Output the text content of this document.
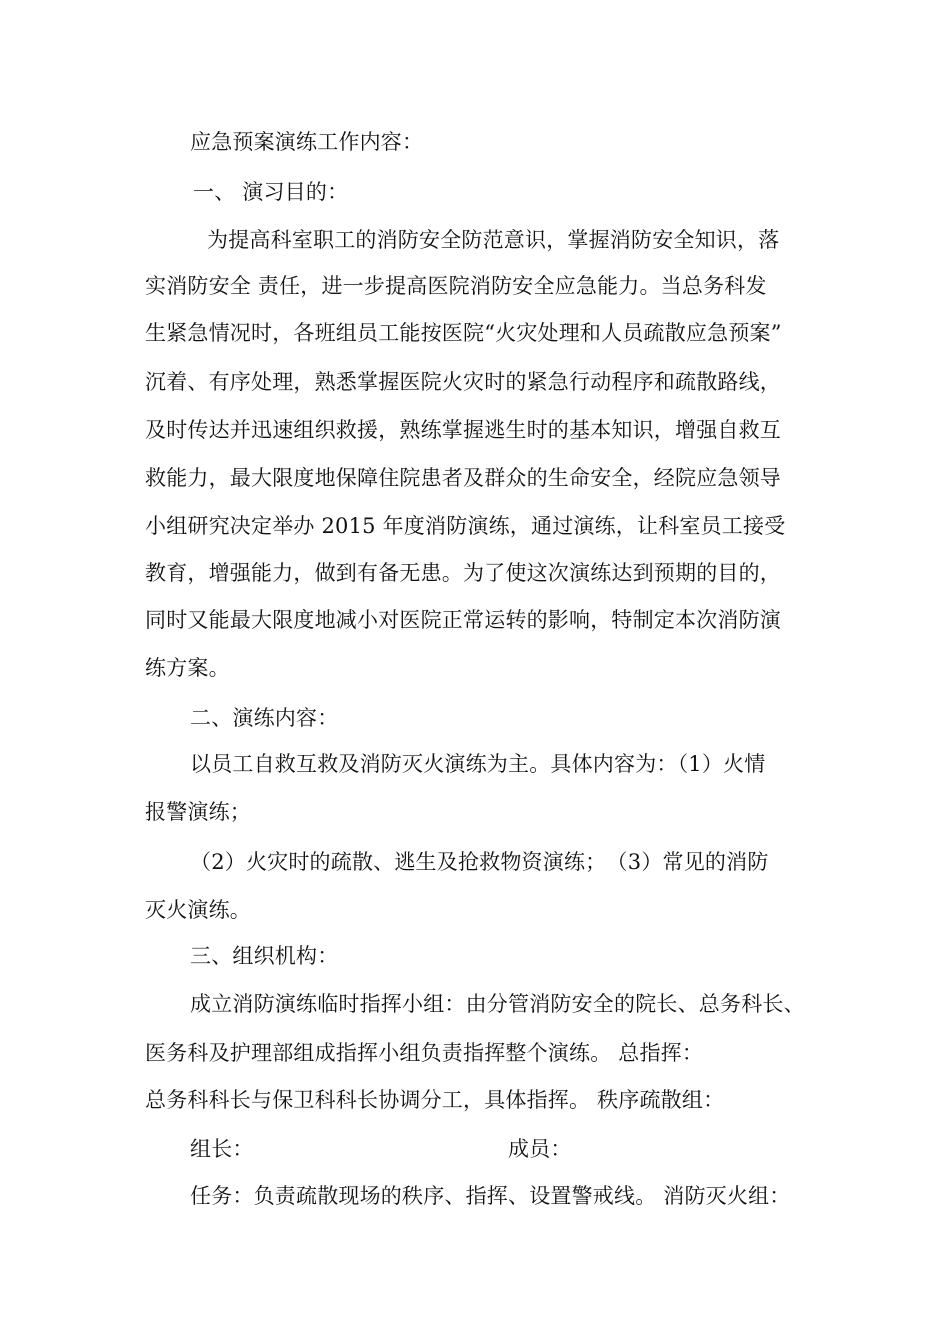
应急预案演练工作内容：
一、 演习目的：
为提高科室职工的消防安全防范意识，掌握消防安全知识，落
实消防安全 责任，进一步提高医院消防安全应急能力。当总务科发
生紧急情况时，各班组员工能按医院“火灾处理和人员疏散应急预案”
沉着、有序处理，熟悉掌握医院火灾时的紧急行动程序和疏散路线，
及时传达并迅速组织救援，熟练掌握逃生时的基本知识，增强自救互
救能力，最大限度地保障住院患者及群众的生命安全，经院应急领导
小组研究决定举办 2015 年度消防演练，通过演练，让科室员工接受
教育，增强能力，做到有备无患。为了使这次演练达到预期的目的，
同时又能最大限度地减小对医院正常运转的影响，特制定本次消防演
练方案。
二、演练内容：
以员工自救互救及消防灭火演练为主。具体内容为：（1）火情
报警演练；
（2）火灾时的疏散、逃生及抢救物资演练；　（3）常见的消防
灭火演练。
三、组织机构：
成立消防演练临时指挥小组：由分管消防安全的院长、总务科长、
医务科及护理部组成指挥小组负责指挥整个演练。 总指挥：
总务科科长与保卫科科长协调分工，具体指挥。 秩序疏散组：
组长：	成员：
任务：负责疏散现场的秩序、指挥、设置警戒线。 消防灭火组：
